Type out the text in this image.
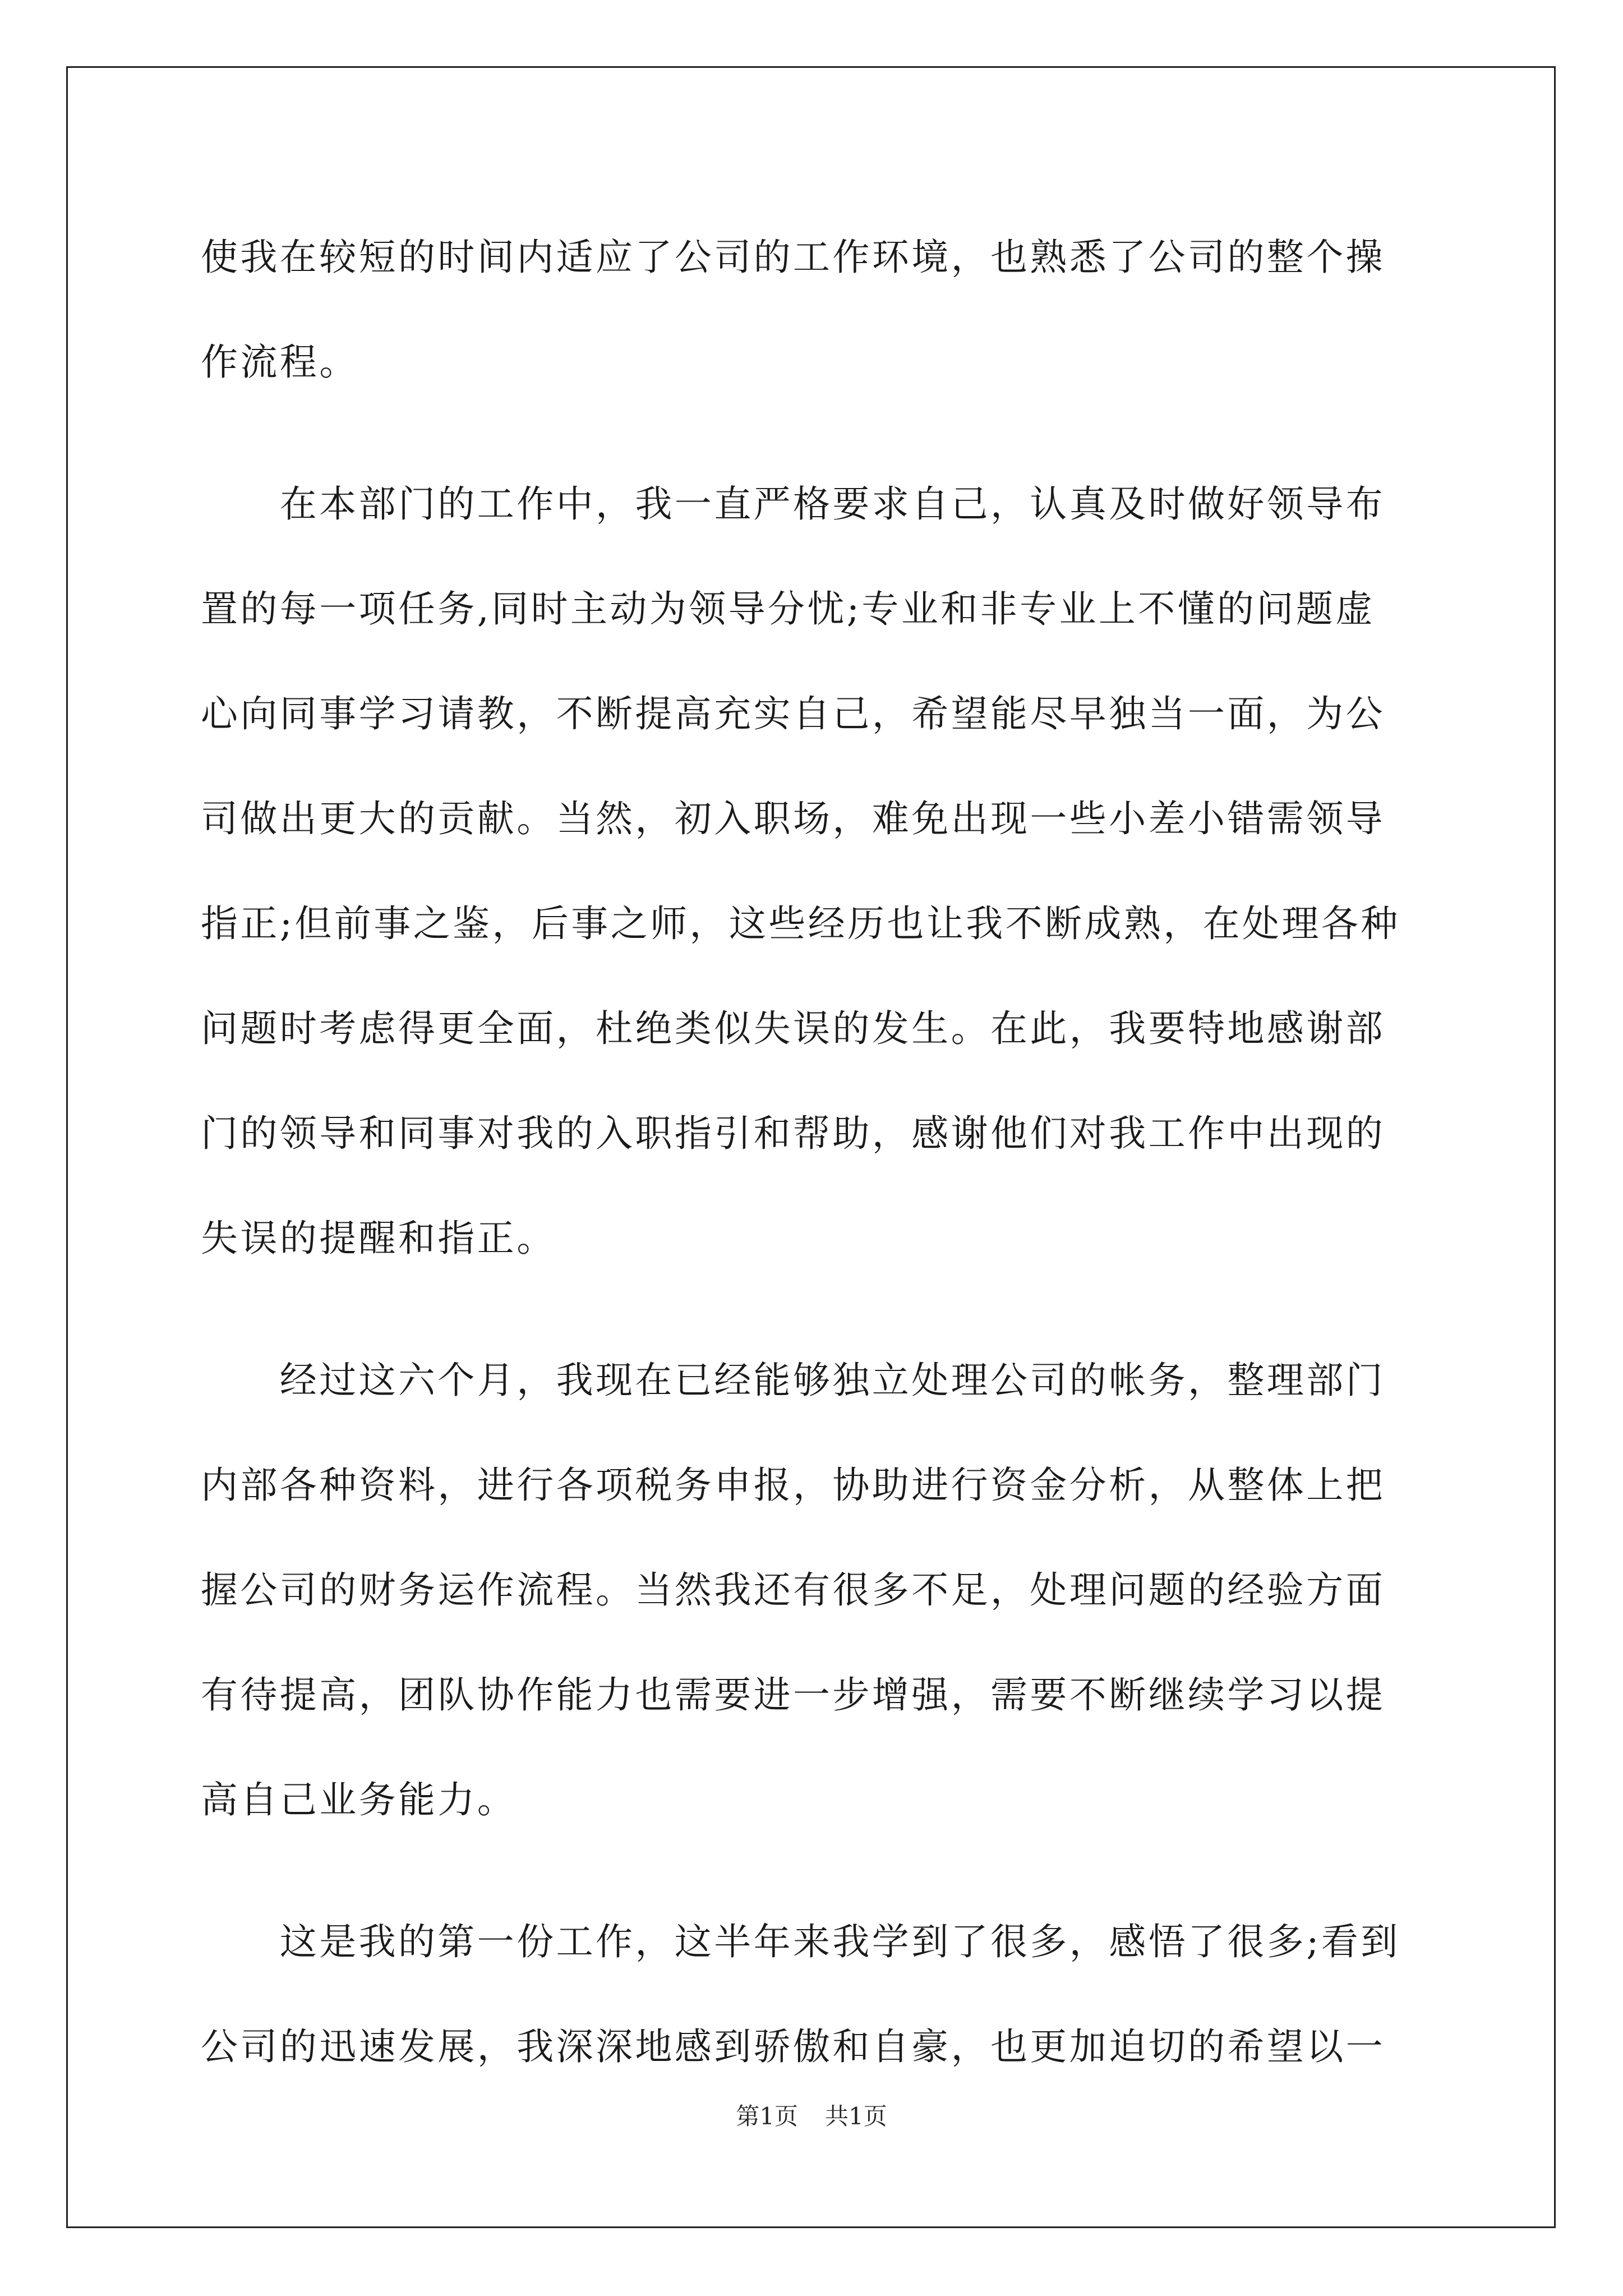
使我在较短的时间内适应了公司的工作环境，也熟悉了公司的整个操
作流程。
　　在本部门的工作中，我一直严格要求自己，认真及时做好领导布
置的每一项任务,同时主动为领导分忧;专业和非专业上不懂的问题虚
心向同事学习请教，不断提高充实自己，希望能尽早独当一面，为公
司做出更大的贡献。当然，初入职场，难免出现一些小差小错需领导
指正;但前事之鉴，后事之师，这些经历也让我不断成熟，在处理各种
问题时考虑得更全面，杜绝类似失误的发生。在此，我要特地感谢部
门的领导和同事对我的入职指引和帮助，感谢他们对我工作中出现的
失误的提醒和指正。
　　经过这六个月，我现在已经能够独立处理公司的帐务，整理部门
内部各种资料，进行各项税务申报，协助进行资金分析，从整体上把
握公司的财务运作流程。当然我还有很多不足，处理问题的经验方面
有待提高，团队协作能力也需要进一步增强，需要不断继续学习以提
高自己业务能力。
　　这是我的第一份工作，这半年来我学到了很多，感悟了很多;看到
公司的迅速发展，我深深地感到骄傲和自豪，也更加迫切的希望以一
第1页 共1页
